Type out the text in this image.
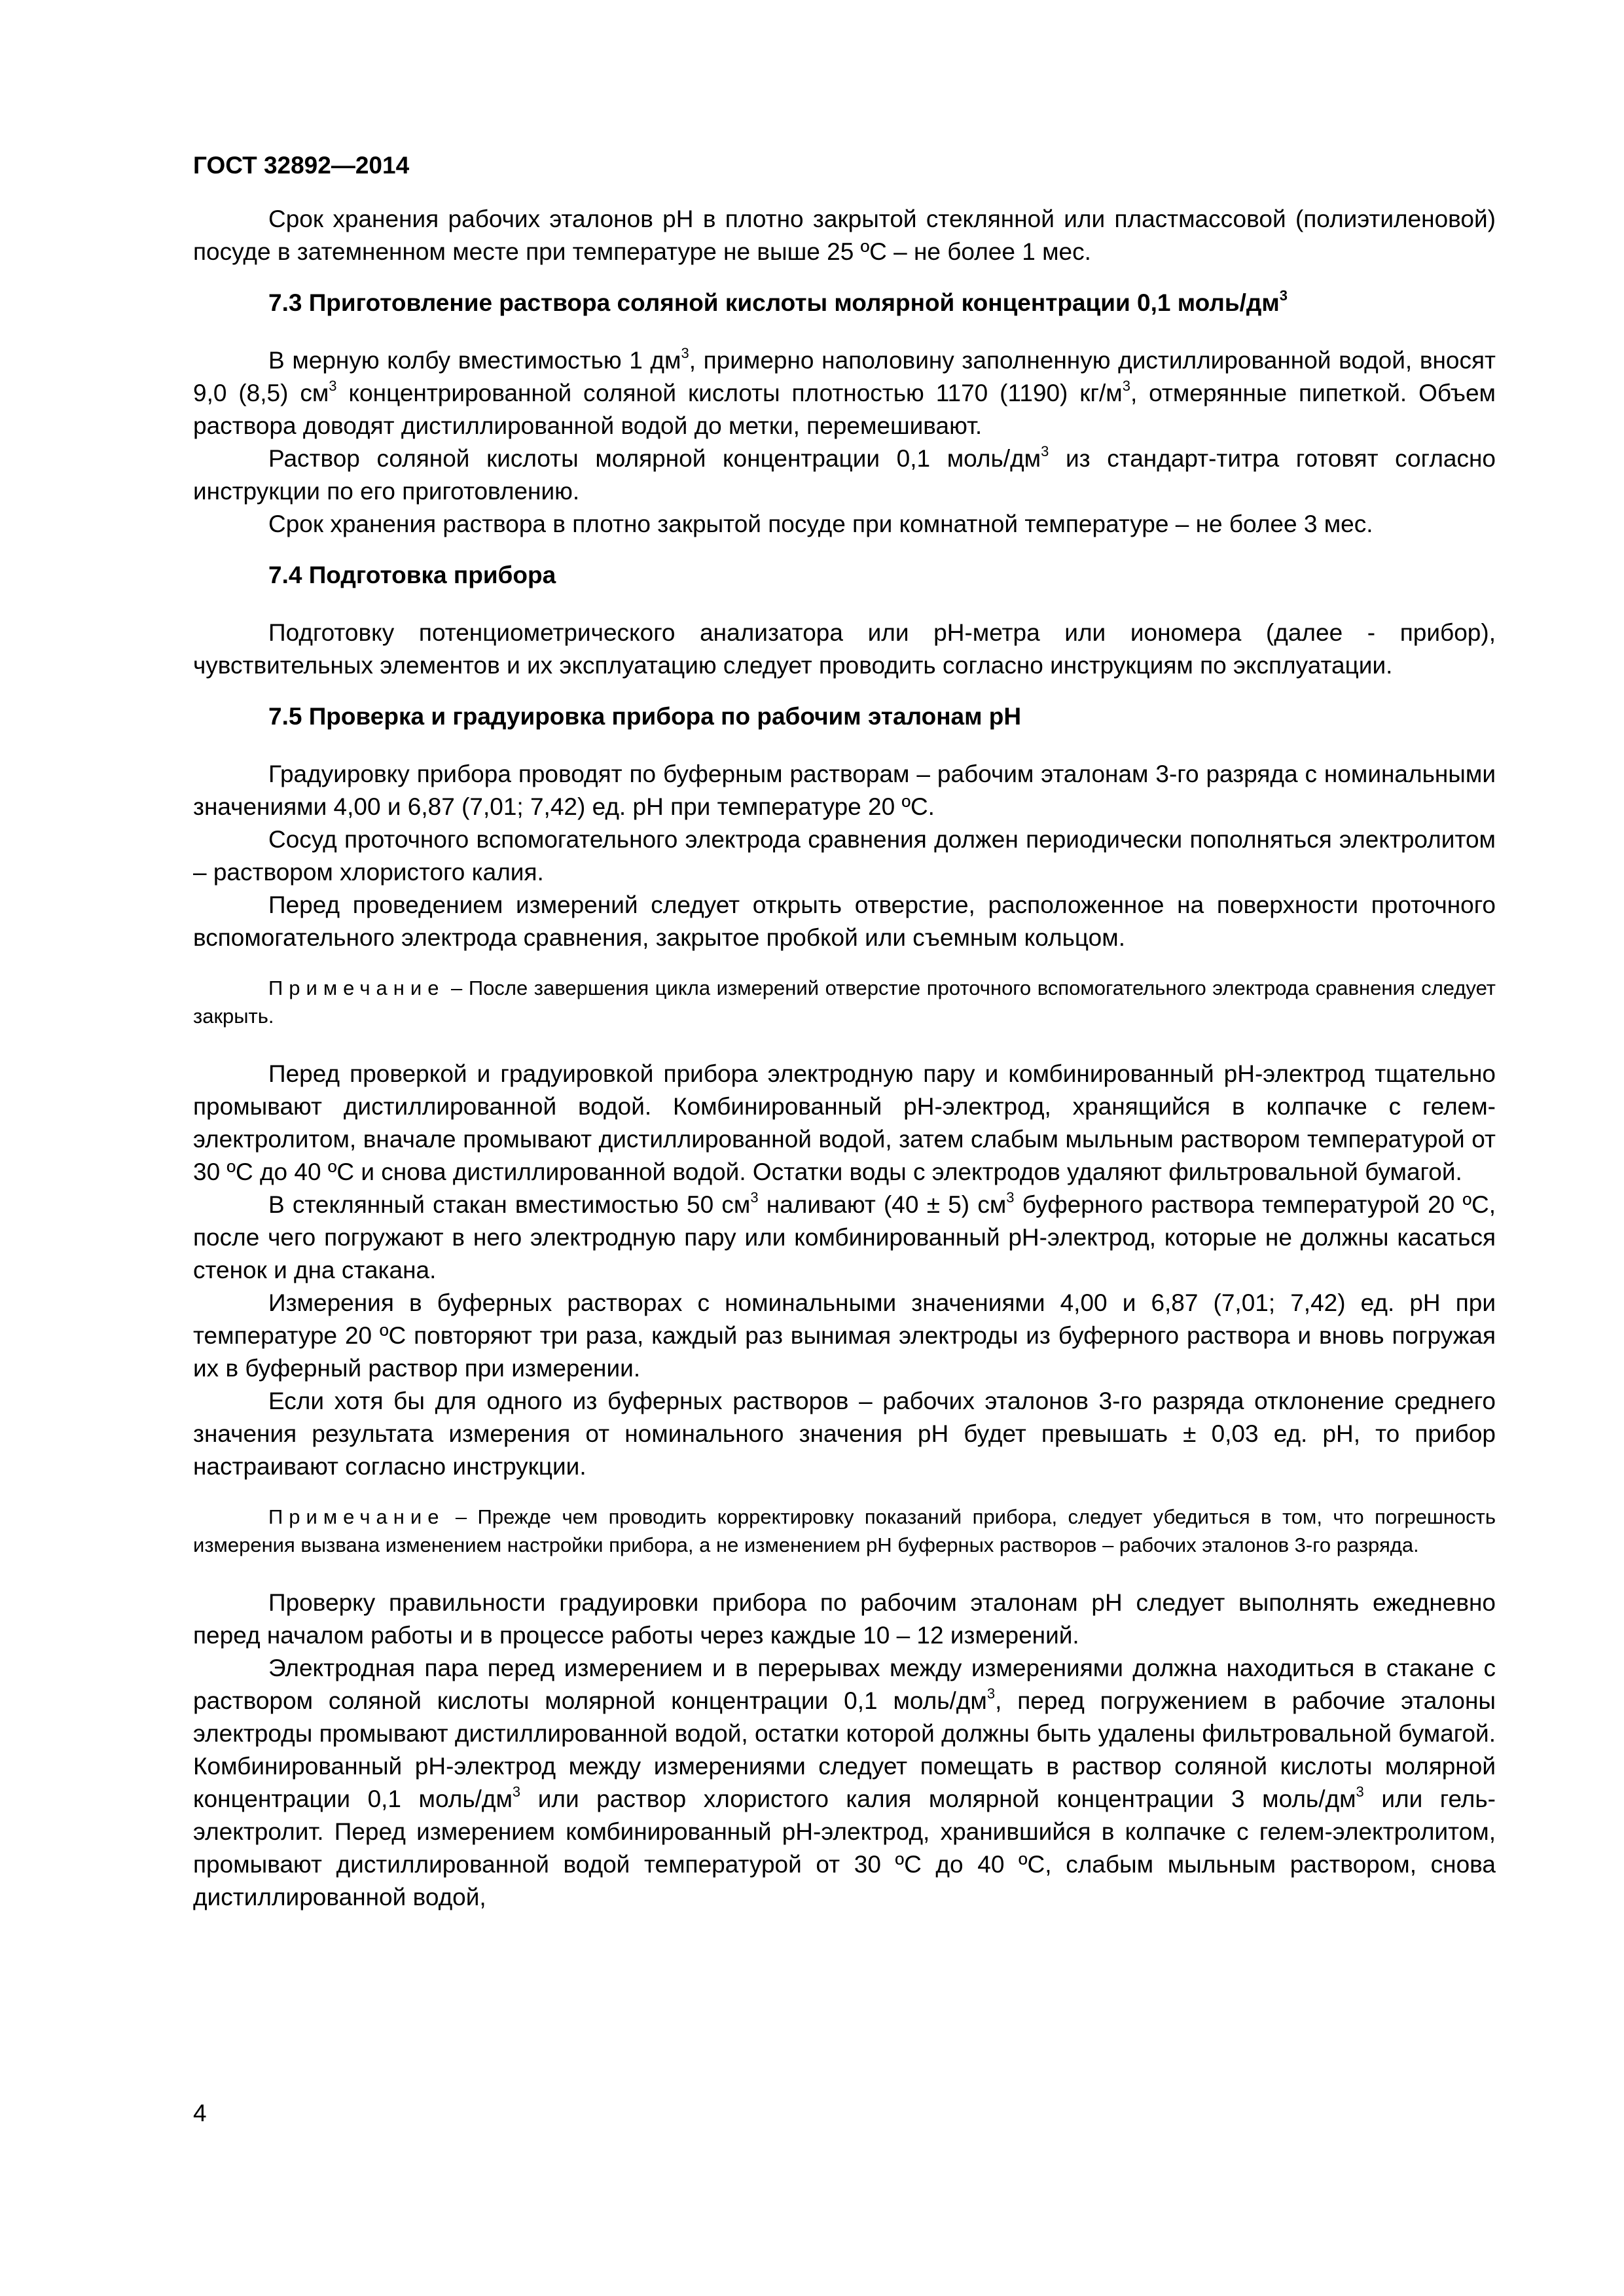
ГОСТ 32892—2014

Срок хранения рабочих эталонов рН в плотно закрытой стеклянной или пластмассовой (полиэтиленовой) посуде в затемненном месте при температуре не выше 25 ºС – не более 1 мес.

7.3 Приготовление раствора соляной кислоты молярной концентрации 0,1 моль/$дм^3$

В мерную колбу вместимостью 1 $дм^3$, примерно наполовину заполненную дистиллированной водой, вносят 9,0 (8,5) $см^3$ концентрированной соляной кислоты плотностью 1170 (1190) $кг/м^3$, отмерянные пипеткой. Объем раствора доводят дистиллированной водой до метки, перемешивают.

Раствор соляной кислоты молярной концентрации 0,1 моль/$дм^3$ из стандарт-титра готовят согласно инструкции по его приготовлению.

Срок хранения раствора в плотно закрытой посуде при комнатной температуре – не более 3 мес.

7.4 Подготовка прибора

Подготовку потенциометрического анализатора или рН-метра или иономера (далее - прибор), чувствительных элементов и их эксплуатацию следует проводить согласно инструкциям по эксплуатации.

7.5 Проверка и градуировка прибора по рабочим эталонам рН

Градуировку прибора проводят по буферным растворам – рабочим эталонам 3-го разряда с номинальными значениями 4,00 и 6,87 (7,01; 7,42) ед. рН при температуре 20 ºС.

Сосуд проточного вспомогательного электрода сравнения должен периодически пополняться электролитом – раствором хлористого калия.

Перед проведением измерений следует открыть отверстие, расположенное на поверхности проточного вспомогательного электрода сравнения, закрытое пробкой или съемным кольцом.

Примечание – После завершения цикла измерений отверстие проточного вспомогательного электрода сравнения следует закрыть.

Перед проверкой и градуировкой прибора электродную пару и комбинированный рН-электрод тщательно промывают дистиллированной водой. Комбинированный рН-электрод, хранящийся в колпачке с гелем-электролитом, вначале промывают дистиллированной водой, затем слабым мыльным раствором температурой от 30 ºС до 40 ºС и снова дистиллированной водой. Остатки воды с электродов удаляют фильтровальной бумагой.

В стеклянный стакан вместимостью 50 $см^3$ наливают (40 ± 5) $см^3$ буферного раствора температурой 20 ºС, после чего погружают в него электродную пару или комбинированный рН-электрод, которые не должны касаться стенок и дна стакана.

Измерения в буферных растворах с номинальными значениями 4,00 и 6,87 (7,01; 7,42) ед. рН при температуре 20 ºС повторяют три раза, каждый раз вынимая электроды из буферного раствора и вновь погружая их в буферный раствор при измерении.

Если хотя бы для одного из буферных растворов – рабочих эталонов 3-го разряда отклонение среднего значения результата измерения от номинального значения рН будет превышать ± 0,03 ед. рН, то прибор настраивают согласно инструкции.

Примечание – Прежде чем проводить корректировку показаний прибора, следует убедиться в том, что погрешность измерения вызвана изменением настройки прибора, а не изменением рН буферных растворов – рабочих эталонов 3-го разряда.

Проверку правильности градуировки прибора по рабочим эталонам рН следует выполнять ежедневно перед началом работы и в процессе работы через каждые 10 – 12 измерений.

Электродная пара перед измерением и в перерывах между измерениями должна находиться в стакане с раствором соляной кислоты молярной концентрации 0,1 моль/$дм^3$, перед погружением в рабочие эталоны электроды промывают дистиллированной водой, остатки которой должны быть удалены фильтровальной бумагой. Комбинированный рН-электрод между измерениями следует помещать в раствор соляной кислоты молярной концентрации 0,1 моль/$дм^3$ или раствор хлористого калия молярной концентрации 3 моль/$дм^3$ или гель-электролит. Перед измерением комбинированный рН-электрод, хранившийся в колпачке с гелем-электролитом, промывают дистиллированной водой температурой от 30 ºС до 40 ºС, слабым мыльным раствором, снова дистиллированной водой,

4
